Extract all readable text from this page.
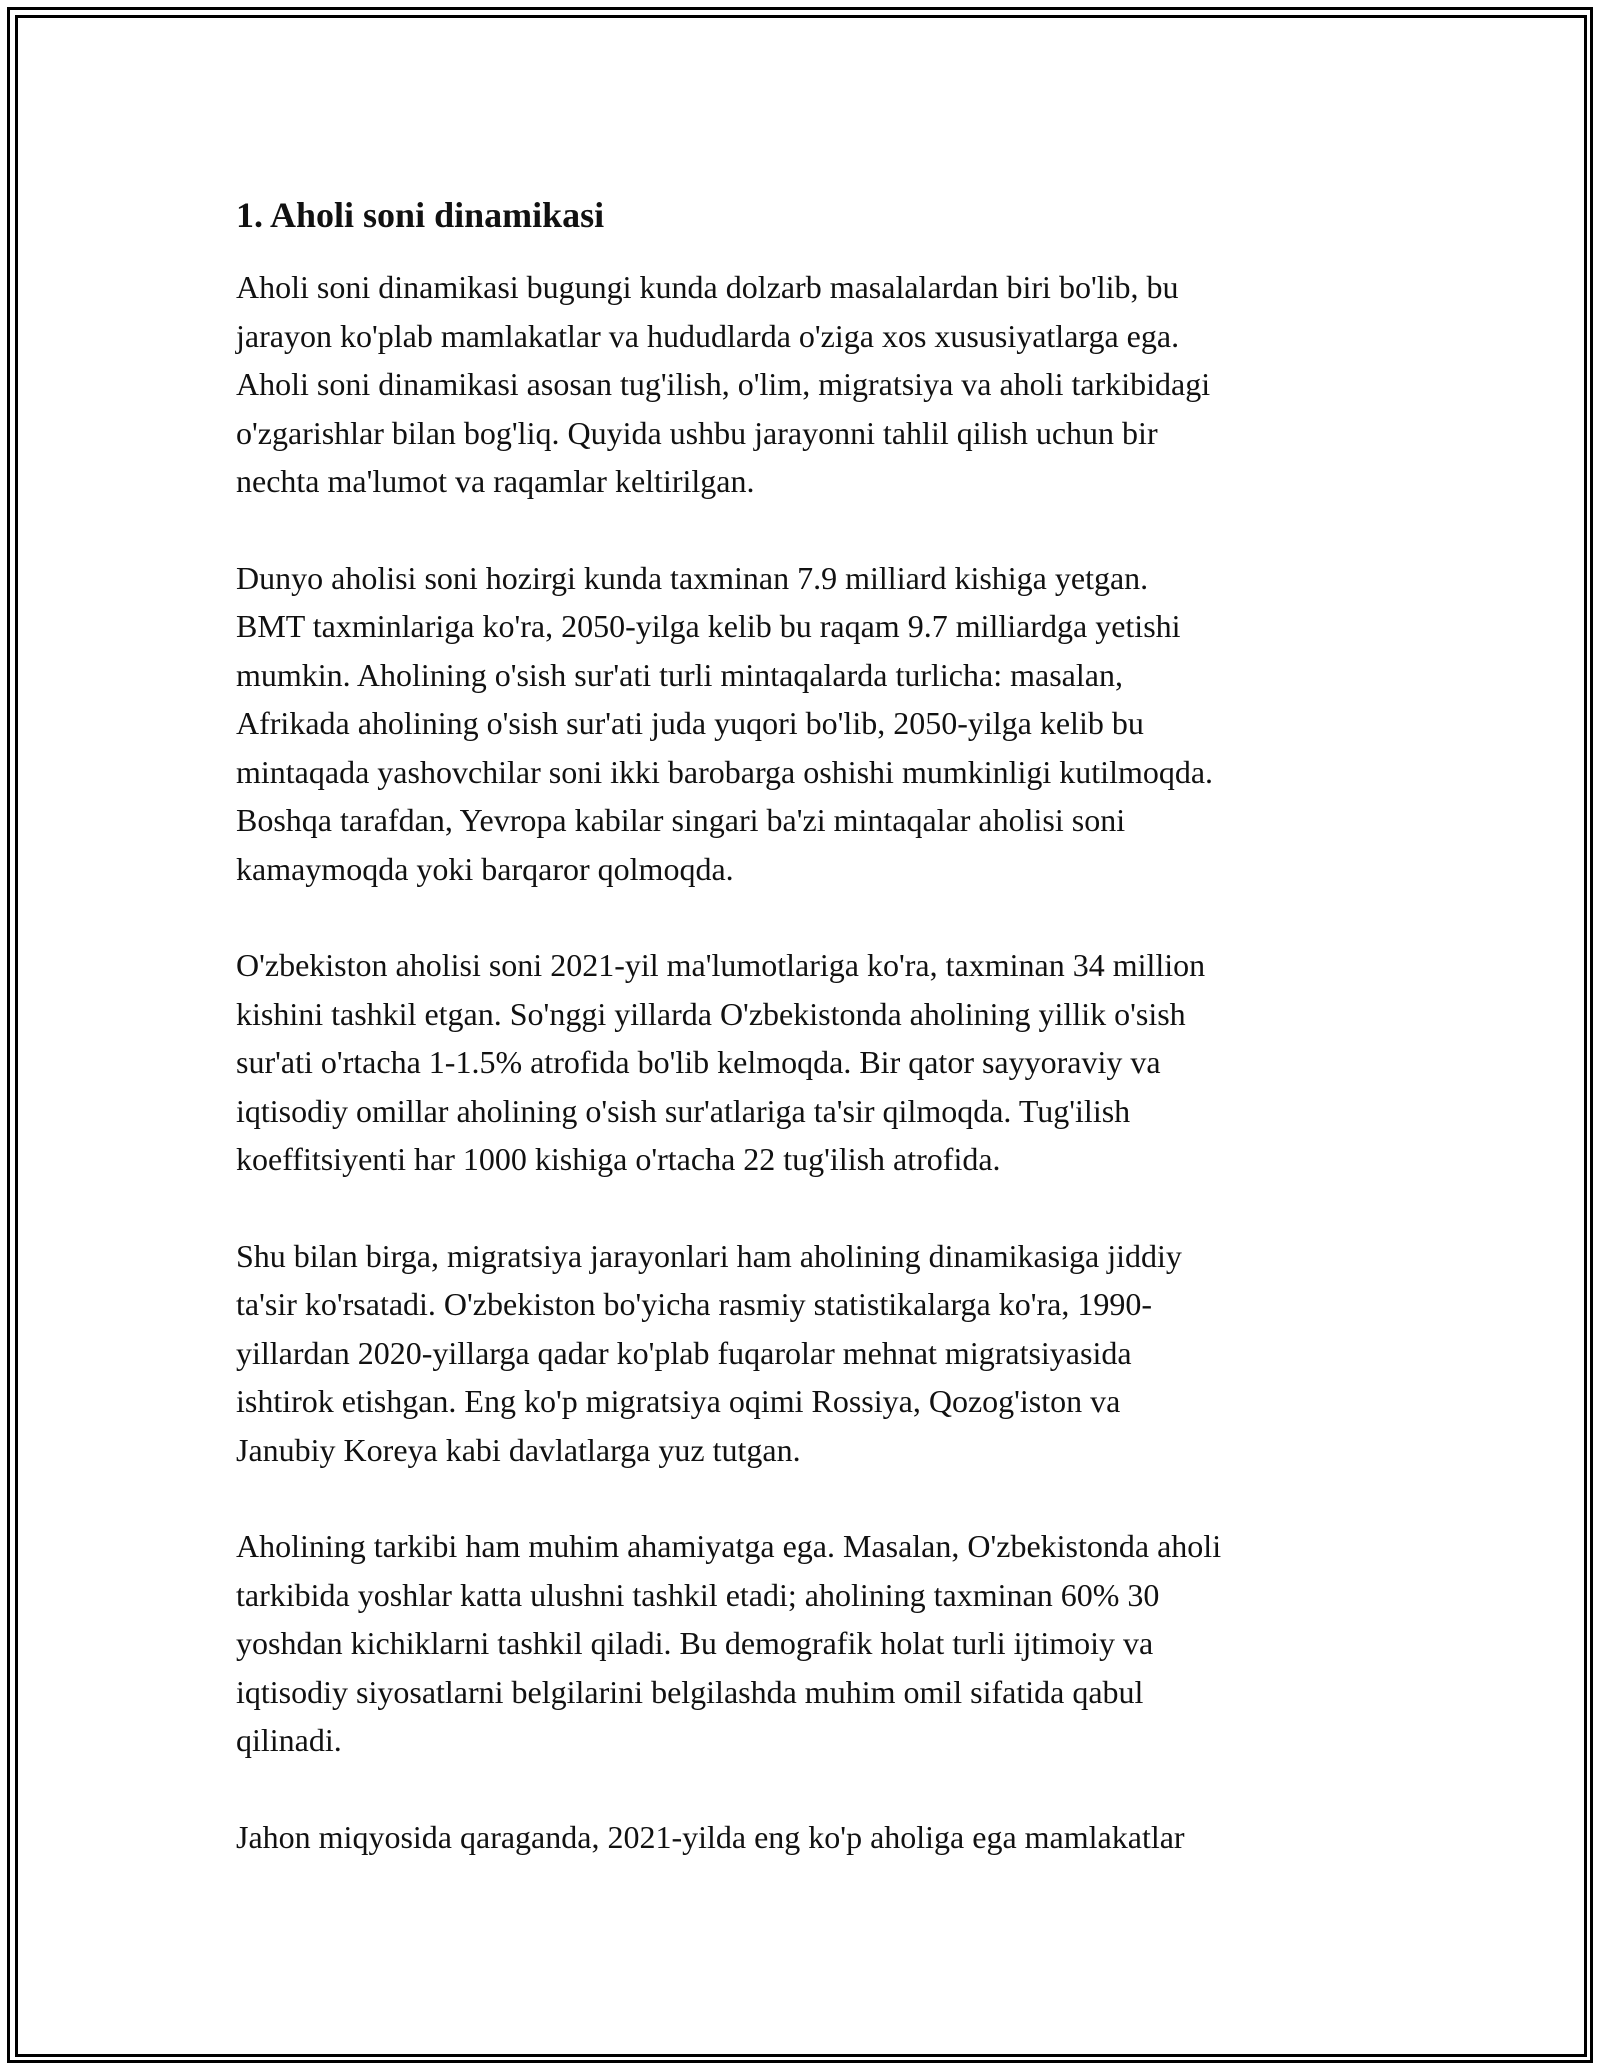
1. Aholi soni dinamikasi

Aholi soni dinamikasi bugungi kunda dolzarb masalalardan biri bo'lib, bu
jarayon ko'plab mamlakatlar va hududlarda o'ziga xos xususiyatlarga ega.
Aholi soni dinamikasi asosan tug'ilish, o'lim, migratsiya va aholi tarkibidagi
o'zgarishlar bilan bog'liq. Quyida ushbu jarayonni tahlil qilish uchun bir
nechta ma'lumot va raqamlar keltirilgan.

Dunyo aholisi soni hozirgi kunda taxminan 7.9 milliard kishiga yetgan.
BMT taxminlariga ko'ra, 2050-yilga kelib bu raqam 9.7 milliardga yetishi
mumkin. Aholining o'sish sur'ati turli mintaqalarda turlicha: masalan,
Afrikada aholining o'sish sur'ati juda yuqori bo'lib, 2050-yilga kelib bu
mintaqada yashovchilar soni ikki barobarga oshishi mumkinligi kutilmoqda.
Boshqa tarafdan, Yevropa kabilar singari ba'zi mintaqalar aholisi soni
kamaymoqda yoki barqaror qolmoqda.

O'zbekiston aholisi soni 2021-yil ma'lumotlariga ko'ra, taxminan 34 million
kishini tashkil etgan. So'nggi yillarda O'zbekistonda aholining yillik o'sish
sur'ati o'rtacha 1-1.5% atrofida bo'lib kelmoqda. Bir qator sayyoraviy va
iqtisodiy omillar aholining o'sish sur'atlariga ta'sir qilmoqda. Tug'ilish
koeffitsiyenti har 1000 kishiga o'rtacha 22 tug'ilish atrofida.

Shu bilan birga, migratsiya jarayonlari ham aholining dinamikasiga jiddiy
ta'sir ko'rsatadi. O'zbekiston bo'yicha rasmiy statistikalarga ko'ra, 1990-
yillardan 2020-yillarga qadar ko'plab fuqarolar mehnat migratsiyasida
ishtirok etishgan. Eng ko'p migratsiya oqimi Rossiya, Qozog'iston va
Janubiy Koreya kabi davlatlarga yuz tutgan.

Aholining tarkibi ham muhim ahamiyatga ega. Masalan, O'zbekistonda aholi
tarkibida yoshlar katta ulushni tashkil etadi; aholining taxminan 60% 30
yoshdan kichiklarni tashkil qiladi. Bu demografik holat turli ijtimoiy va
iqtisodiy siyosatlarni belgilarini belgilashda muhim omil sifatida qabul
qilinadi.

Jahon miqyosida qaraganda, 2021-yilda eng ko'p aholiga ega mamlakatlar
